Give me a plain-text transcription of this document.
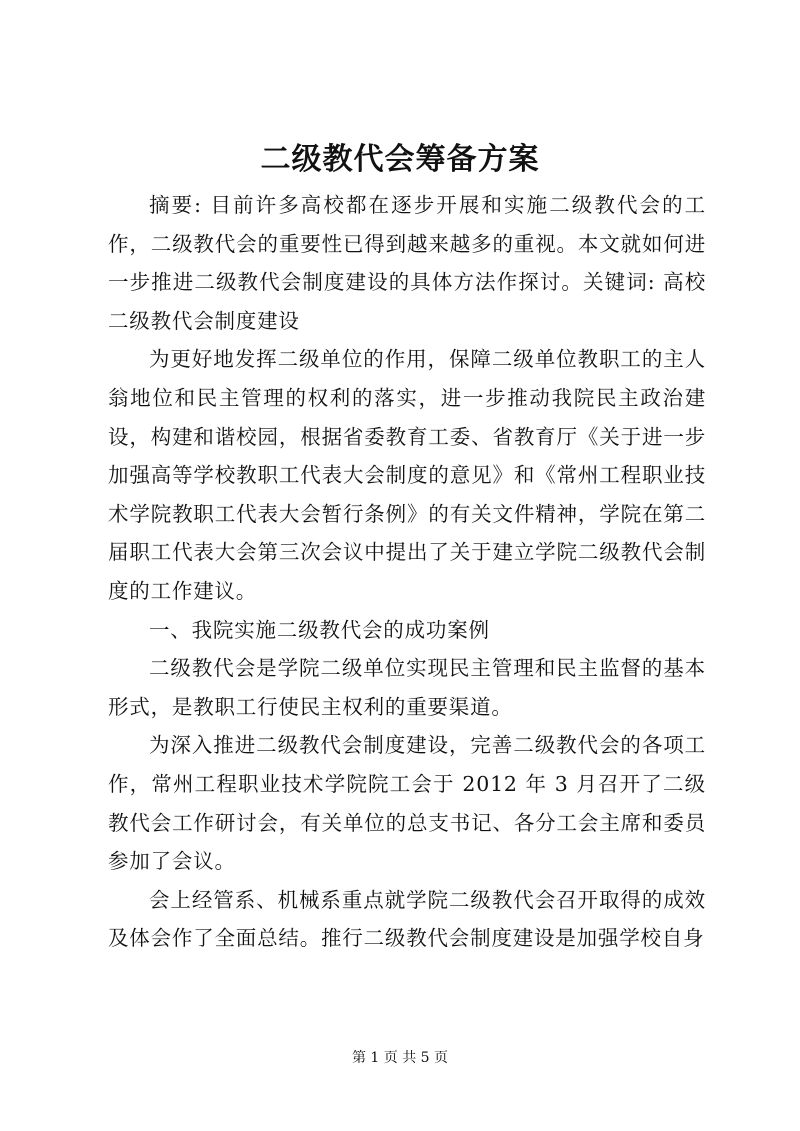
二级教代会筹备方案

摘要: 目前许多高校都在逐步开展和实施二级教代会的工作，二级教代会的重要性已得到越来越多的重视。本文就如何进一步推进二级教代会制度建设的具体方法作探讨。关键词: 高校二级教代会制度建设

为更好地发挥二级单位的作用，保障二级单位教职工的主人翁地位和民主管理的权利的落实，进一步推动我院民主政治建设，构建和谐校园，根据省委教育工委、省教育厅《关于进一步加强高等学校教职工代表大会制度的意见》和《常州工程职业技术学院教职工代表大会暂行条例》的有关文件精神，学院在第二届职工代表大会第三次会议中提出了关于建立学院二级教代会制度的工作建议。

一、我院实施二级教代会的成功案例

二级教代会是学院二级单位实现民主管理和民主监督的基本形式，是教职工行使民主权利的重要渠道。

为深入推进二级教代会制度建设，完善二级教代会的各项工作，常州工程职业技术学院院工会于 2012 年 3 月召开了二级教代会工作研讨会，有关单位的总支书记、各分工会主席和委员参加了会议。

会上经管系、机械系重点就学院二级教代会召开取得的成效及体会作了全面总结。推行二级教代会制度建设是加强学校自身

第 1 页 共 5 页
